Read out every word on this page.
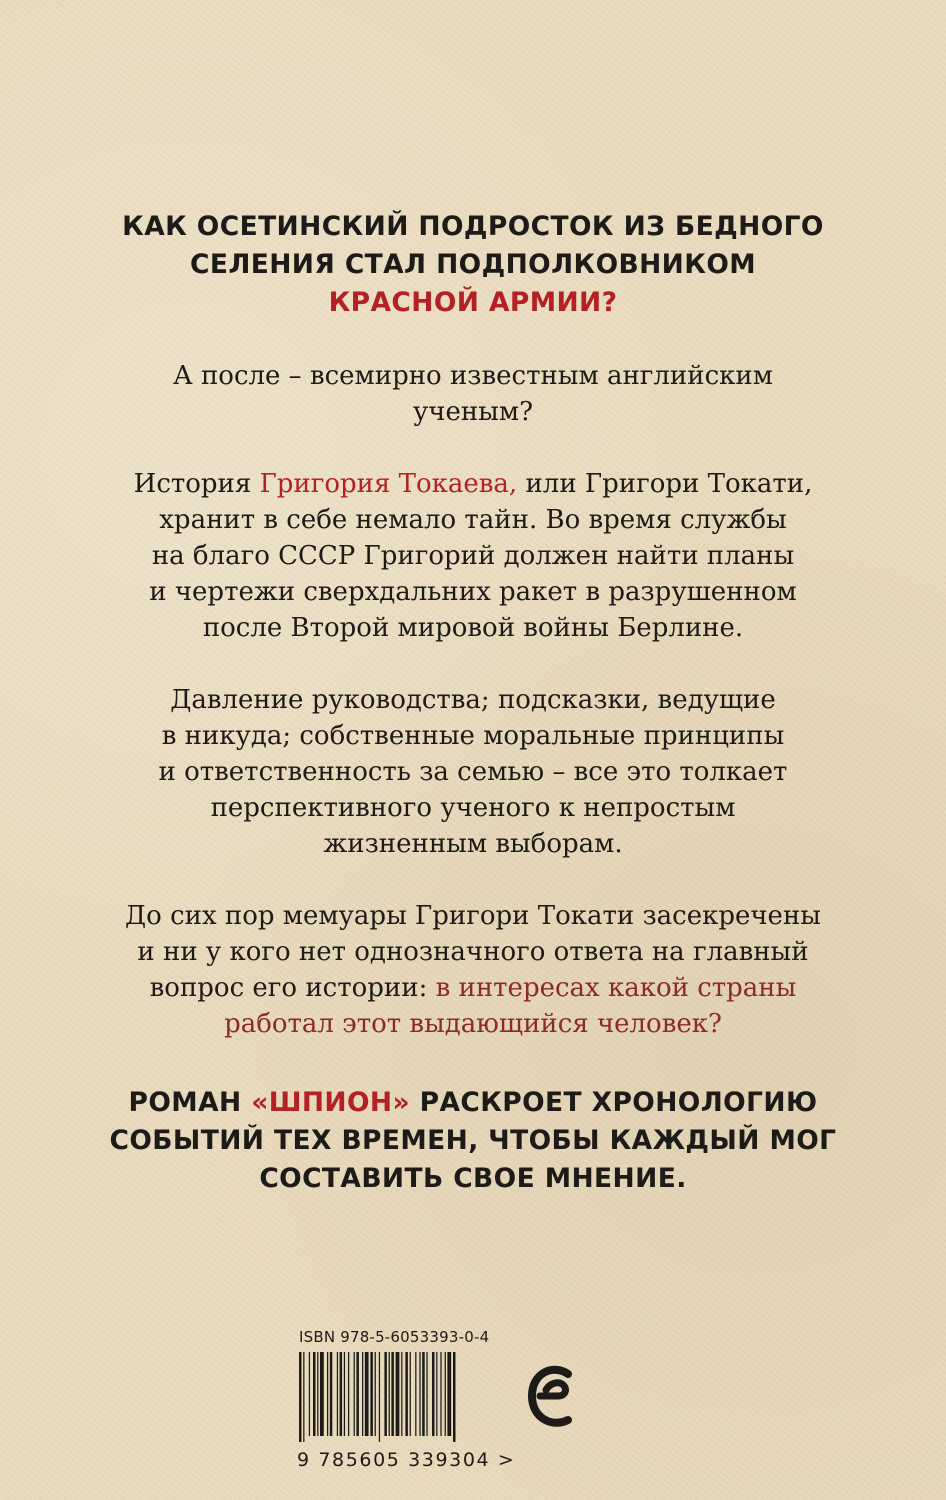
КАК ОСЕТИНСКИЙ ПОДРОСТОК ИЗ БЕДНОГО
СЕЛЕНИЯ СТАЛ ПОДПОЛКОВНИКОМ
КРАСНОЙ АРМИИ?
А после – всемирно известным английским
ученым?
История Григория Токаева, или Григори Токати,
хранит в себе немало тайн. Во время службы
на благо СССР Григорий должен найти планы
и чертежи сверхдальних ракет в разрушенном
после Второй мировой войны Берлине.
Давление руководства; подсказки, ведущие
в никуда; собственные моральные принципы
и ответственность за семью – все это толкает
перспективного ученого к непростым
жизненным выборам.
До сих пор мемуары Григори Токати засекречены
и ни у кого нет однозначного ответа на главный
вопрос его истории: в интересах какой страны
работал этот выдающийся человек?
РОМАН «ШПИОН» РАСКРОЕТ ХРОНОЛОГИЮ
СОБЫТИЙ ТЕХ ВРЕМЕН, ЧТОБЫ КАЖДЫЙ МОГ
СОСТАВИТЬ СВОЕ МНЕНИЕ.
ISBN 978-5-6053393-0-4
9 785605 339304 >
